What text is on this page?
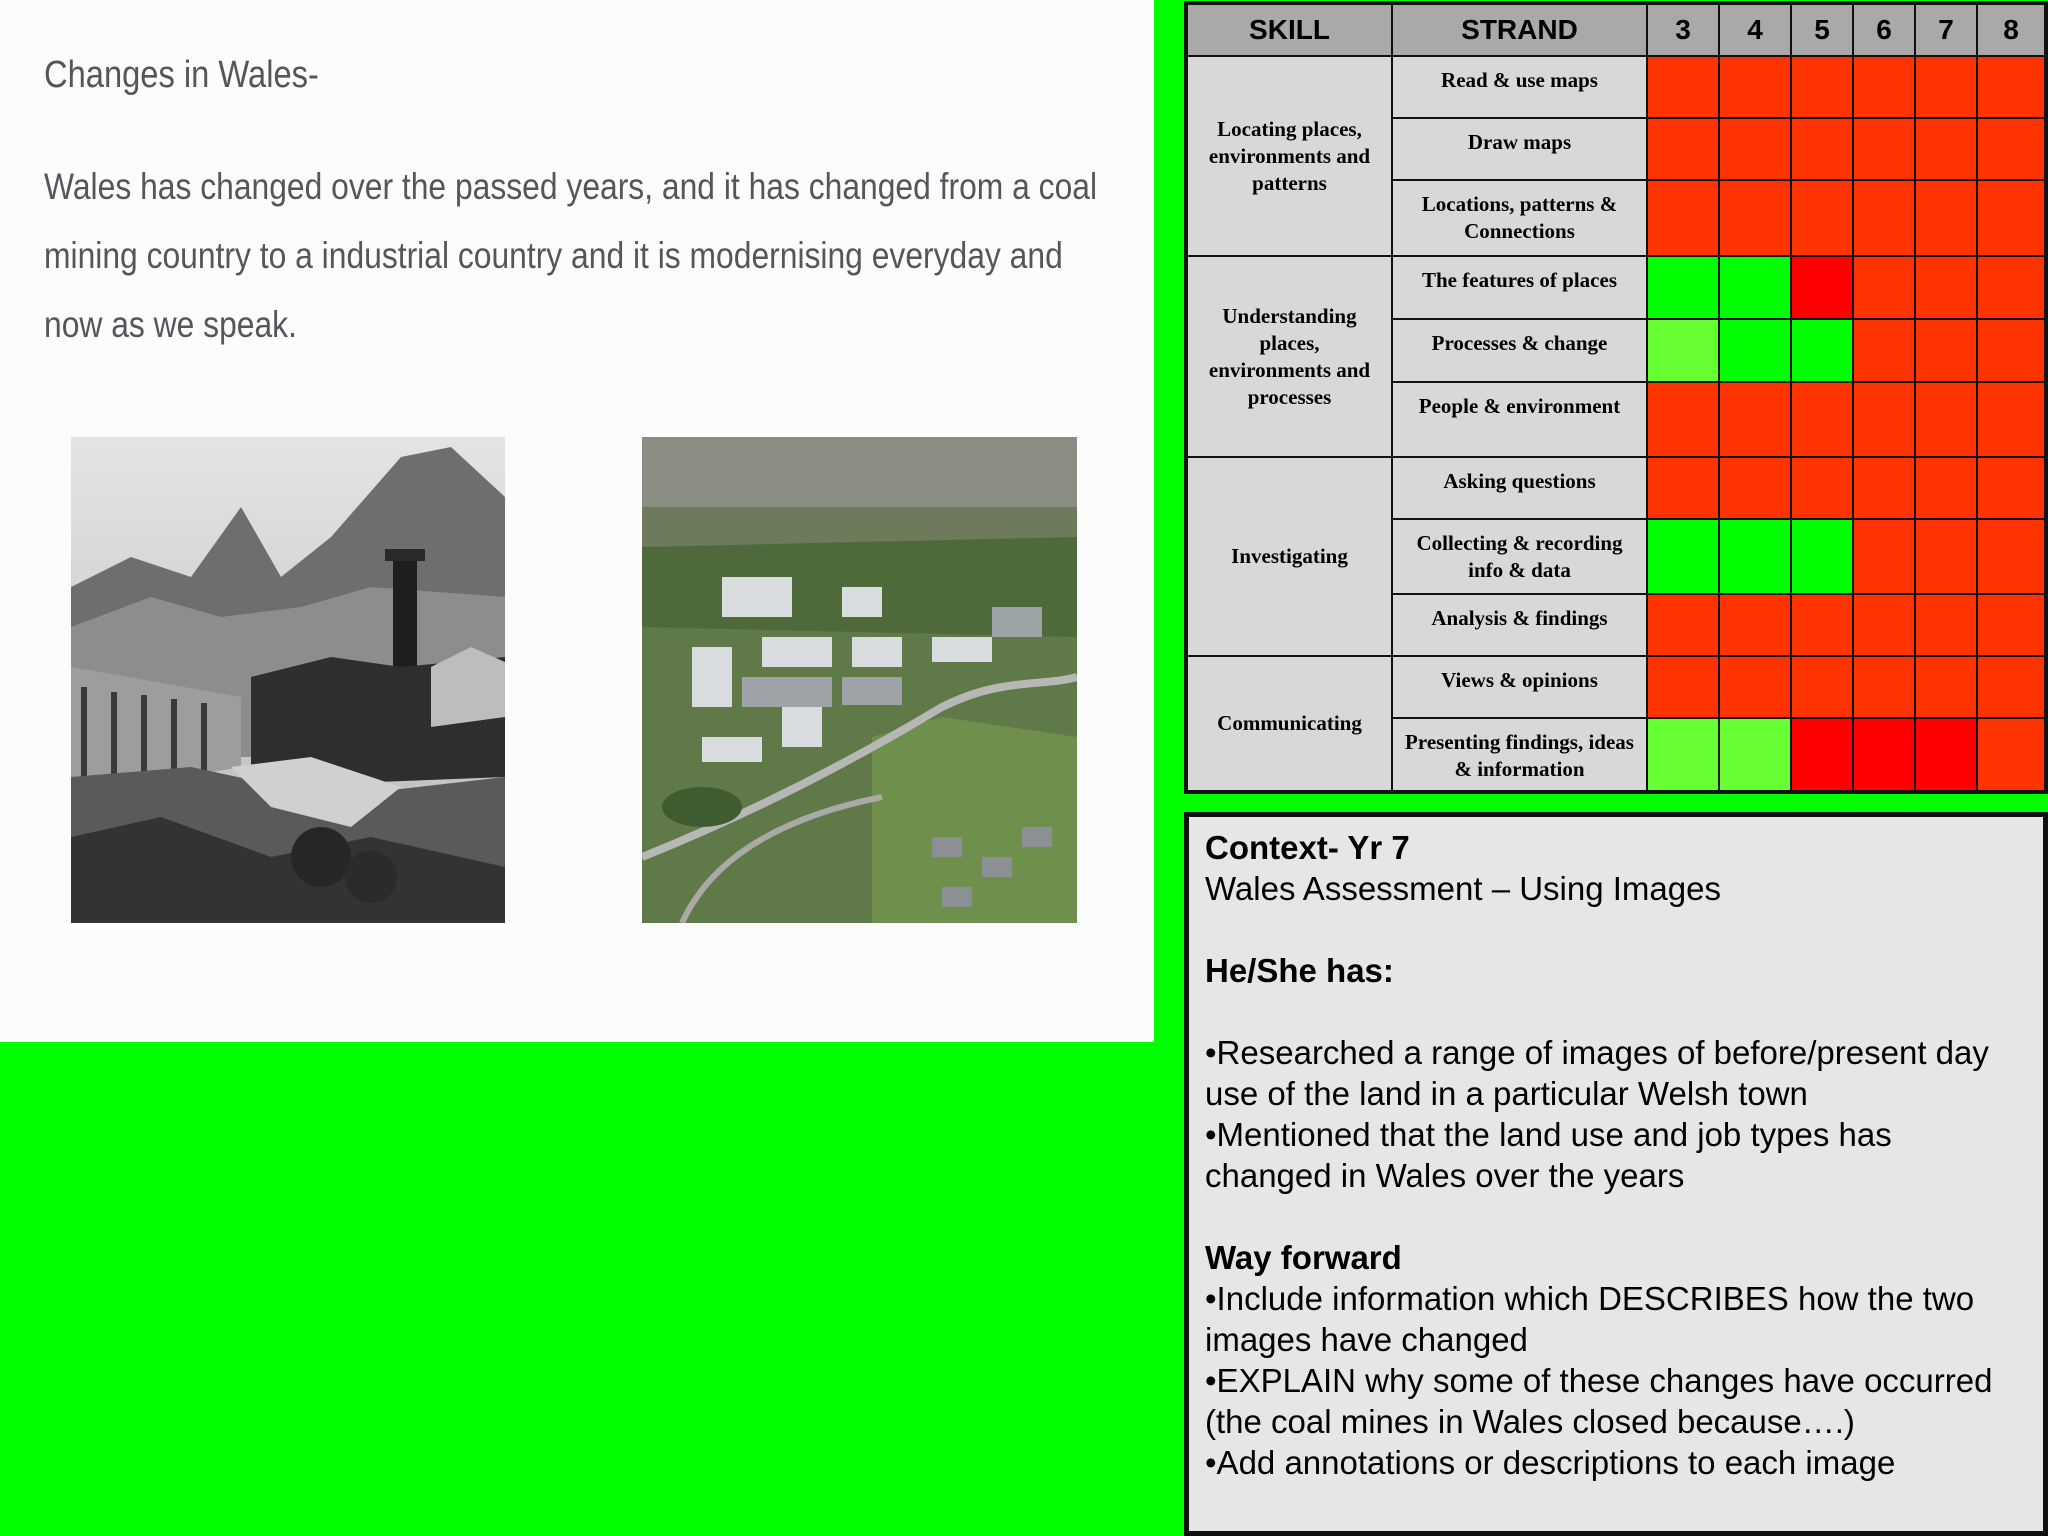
Changes in Wales-

Wales has changed over the passed years, and it has changed from a coal mining country to a industrial country and it is modernising everyday and now as we speak.

SKILL	STRAND	3	4	5	6	7	8
Locating places, environments and patterns	Read & use maps						
	Draw maps						
	Locations, patterns & Connections						
Understanding places, environments and processes	The features of places						
	Processes & change						
	People & environment						
Investigating	Asking questions						
	Collecting & recording info & data						
	Analysis & findings						
Communicating	Views & opinions						
	Presenting findings, ideas & information						

Context- Yr 7

Wales Assessment – Using Images

He/She has:

•Researched a range of images of before/present day use of the land in a particular Welsh town

•Mentioned that the land use and job types has changed in Wales over the years

Way forward

•Include information which DESCRIBES how the two images have changed

•EXPLAIN why some of these changes have occurred (the coal mines in Wales closed because….)

•Add annotations or descriptions to each image
